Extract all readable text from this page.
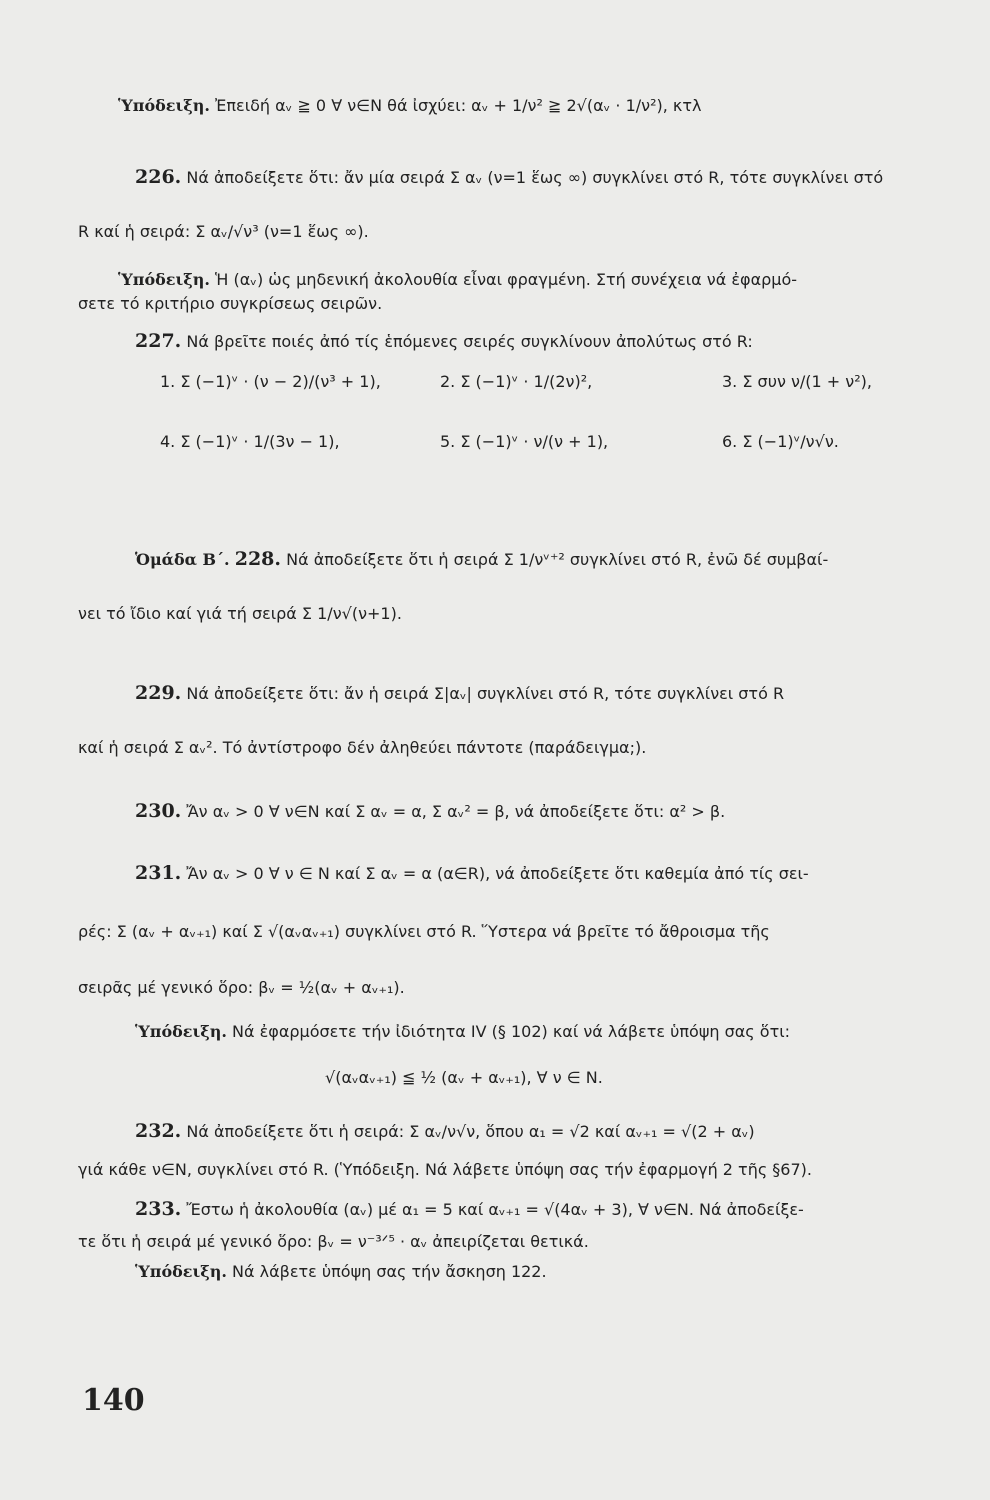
Ὑπόδειξη. Ἐπειδή αᵥ ≧ 0 ∀ ν∈N θά ἰσχύει: αᵥ + 1/ν² ≧ 2√(αᵥ · 1/ν²), κτλ
226. Νά ἀποδείξετε ὅτι: ἄν μία σειρά Σ αᵥ (ν=1 ἕως ∞) συγκλίνει στό R, τότε συγκλίνει στό
R καί ἡ σειρά: Σ αᵥ/√ν³ (ν=1 ἕως ∞).
Ὑπόδειξη. Ἡ (αᵥ) ὡς μηδενική ἀκολουθία εἶναι φραγμένη. Στή συνέχεια νά ἐφαρμό-
σετε τό κριτήριο συγκρίσεως σειρῶν.
227. Νά βρεῖτε ποιές ἀπό τίς ἑπόμενες σειρές συγκλίνουν ἀπολύτως στό R:
1. Σ (−1)ᵛ · (ν − 2)/(ν³ + 1),	2. Σ (−1)ᵛ · 1/(2ν)²,	3. Σ συν ν/(1 + ν²),
4. Σ (−1)ᵛ · 1/(3ν − 1),	5. Σ (−1)ᵛ · ν/(ν + 1),	6. Σ (−1)ᵛ/ν√ν.
Ὁμάδα Β΄. 228. Νά ἀποδείξετε ὅτι ἡ σειρά Σ 1/νᵛ⁺² συγκλίνει στό R, ἐνῶ δέ συμβαί-
νει τό ἴδιο καί γιά τή σειρά Σ 1/ν√(ν+1).
229. Νά ἀποδείξετε ὅτι: ἄν ἡ σειρά Σ|αᵥ| συγκλίνει στό R, τότε συγκλίνει στό R
καί ἡ σειρά Σ αᵥ². Τό ἀντίστροφο δέν ἀληθεύει πάντοτε (παράδειγμα;).
230. Ἄν αᵥ > 0 ∀ ν∈N καί Σ αᵥ = α, Σ αᵥ² = β, νά ἀποδείξετε ὅτι: α² > β.
231. Ἄν αᵥ > 0 ∀ ν ∈ N καί Σ αᵥ = α (α∈R), νά ἀποδείξετε ὅτι καθεμία ἀπό τίς σει-
ρές: Σ (αᵥ + αᵥ₊₁) καί Σ √(αᵥαᵥ₊₁) συγκλίνει στό R. Ὕστερα νά βρεῖτε τό ἄθροισμα τῆς
σειρᾶς μέ γενικό ὅρο: βᵥ = ½(αᵥ + αᵥ₊₁).
Ὑπόδειξη. Νά ἐφαρμόσετε τήν ἰδιότητα IV (§ 102) καί νά λάβετε ὑπόψη σας ὅτι:
√(αᵥαᵥ₊₁) ≦ ½ (αᵥ + αᵥ₊₁), ∀ ν ∈ N.
232. Νά ἀποδείξετε ὅτι ἡ σειρά: Σ αᵥ/ν√ν, ὅπου α₁ = √2 καί αᵥ₊₁ = √(2 + αᵥ)
γιά κάθε ν∈N, συγκλίνει στό R. (Ὑπόδειξη. Νά λάβετε ὑπόψη σας τήν ἐφαρμογή 2 τῆς §67).
233. Ἔστω ἡ ἀκολουθία (αᵥ) μέ α₁ = 5 καί αᵥ₊₁ = √(4αᵥ + 3), ∀ ν∈N. Νά ἀποδείξε-
τε ὅτι ἡ σειρά μέ γενικό ὅρο: βᵥ = ν⁻³ᐟ⁵ · αᵥ ἀπειρίζεται θετικά.
Ὑπόδειξη. Νά λάβετε ὑπόψη σας τήν ἄσκηση 122.
140
